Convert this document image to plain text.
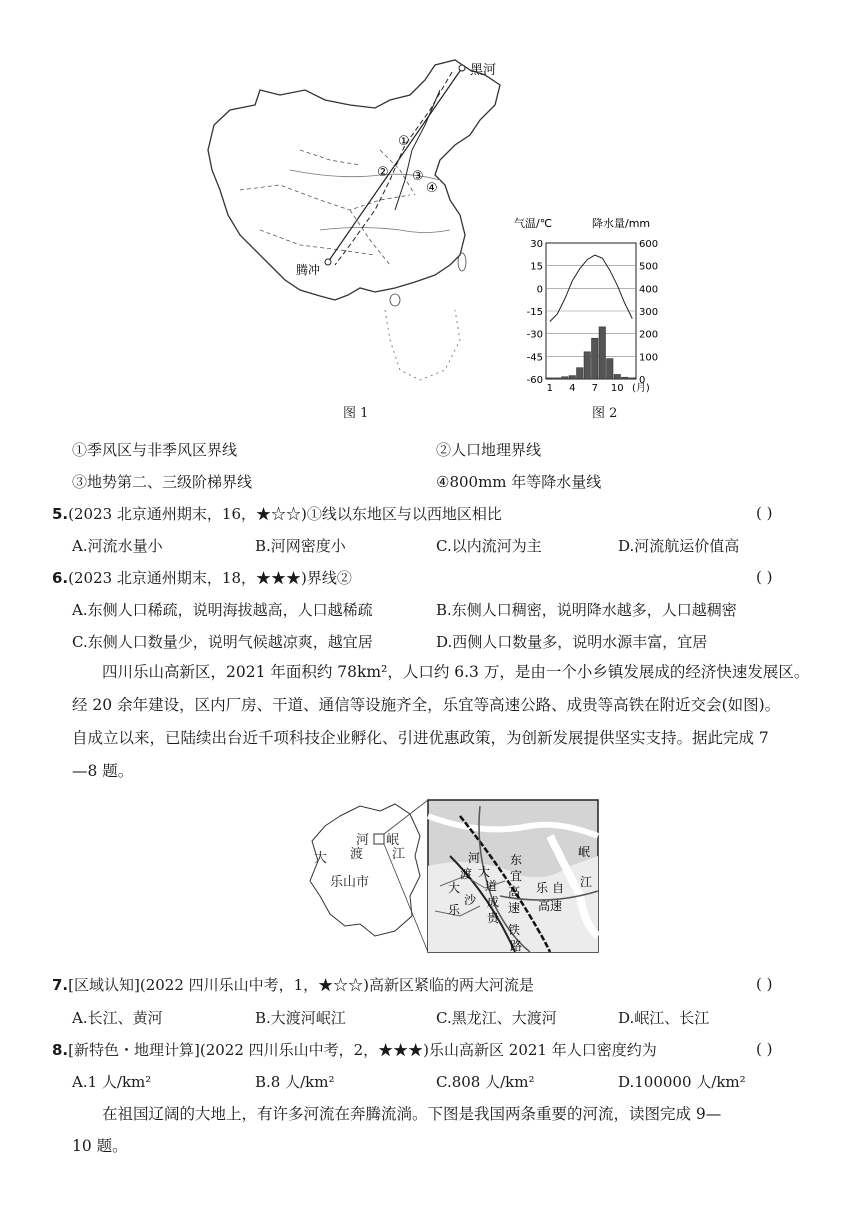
①
② ③
④
黑河
腾冲
图 1
气温/℃	降水量/mm
30	600
15	500
0	400
-15	300
-30	200
-45	100
-60	0
1 4 7 10 (月)
图 2
①季风区与非季风区界线	②人口地理界线
③地势第二、三级阶梯界线	④800mm 年等降水量线
5.(2023 北京通州期末，16，★☆☆)①线以东地区与以西地区相比	( )
A.河流水量小	B.河网密度小	C.以内流河为主	D.河流航运价值高
6.(2023 北京通州期末，18，★★★)界线②	( )
A.东侧人口稀疏，说明海拔越高，人口越稀疏	B.东侧人口稠密，说明降水越多，人口越稠密
C.东侧人口数量少，说明气候越凉爽，越宜居	D.西侧人口数量多，说明水源丰富，宜居
四川乐山高新区，2021 年面积约 78km²，人口约 6.3 万，是由一个小乡镇发展成的经济快速发展区。
经 20 余年建设，区内厂房、干道、通信等设施齐全，乐宜等高速公路、成贵等高铁在附近交会(如图)。
自成立以来，已陆续出台近千项科技企业孵化、引进优惠政策，为创新发展提供坚实支持。据此完成 7
—8 题。
河 岷
渡 江
大
乐山市
河
渡 大
道
成
贵
东
宜
高
速
铁
路
乐 自
高速
岷
江
大
沙
乐
7.[区域认知](2022 四川乐山中考，1，★☆☆)高新区紧临的两大河流是	( )
A.长江、黄河	B.大渡河岷江	C.黑龙江、大渡河	D.岷江、长江
8.[新特色・地理计算](2022 四川乐山中考，2，★★★)乐山高新区 2021 年人口密度约为	( )
A.1 人/km²	B.8 人/km²	C.808 人/km²	D.100000 人/km²
在祖国辽阔的大地上，有许多河流在奔腾流淌。下图是我国两条重要的河流，读图完成 9—
10 题。
